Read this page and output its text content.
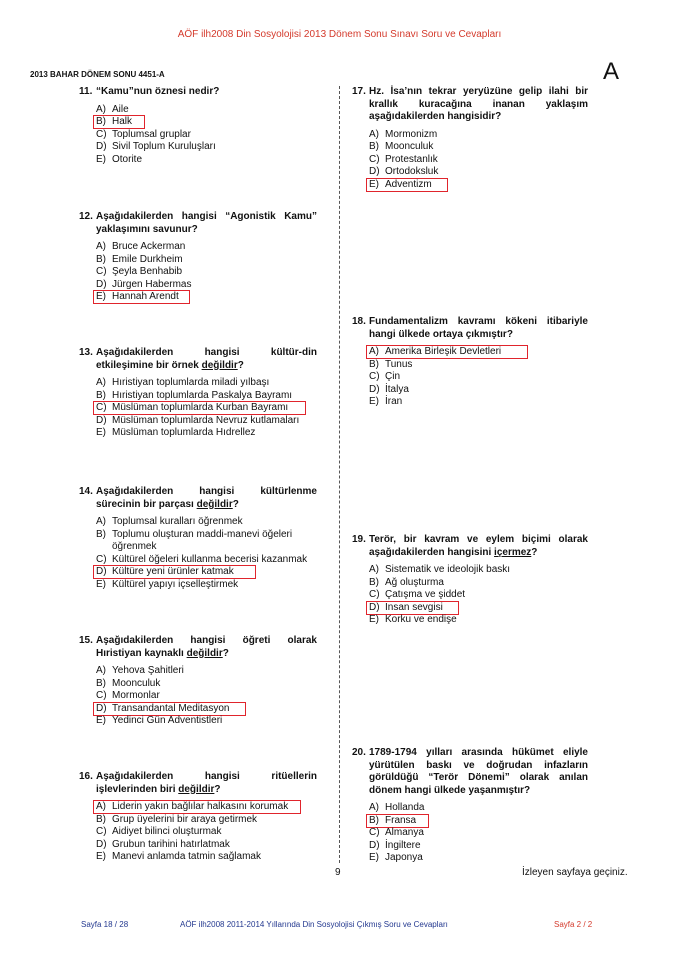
AÖF ilh2008 Din Sosyolojisi 2013 Dönem Sonu Sınavı Soru ve Cevapları
2013 BAHAR DÖNEM SONU 4451-A	A
11. “Kamu”nun öznesi nedir?
A) Aile
B) Halk
C) Toplumsal gruplar
D) Sivil Toplum Kuruluşları
E) Otorite
12. Aşağıdakilerden hangisi “Agonistik Kamu” yaklaşımını savunur?
A) Bruce Ackerman
B) Emile Durkheim
C) Şeyla Benhabib
D) Jürgen Habermas
E) Hannah Arendt
13. Aşağıdakilerden hangisi kültür-din etkileşimine bir örnek değildir?
A) Hıristiyan toplumlarda miladi yılbaşı
B) Hıristiyan toplumlarda Paskalya Bayramı
C) Müslüman toplumlarda Kurban Bayramı
D) Müslüman toplumlarda Nevruz kutlamaları
E) Müslüman toplumlarda Hıdrellez
14. Aşağıdakilerden hangisi kültürlenme sürecinin bir parçası değildir?
A) Toplumsal kuralları öğrenmek
B) Toplumu oluşturan maddi-manevi öğeleri öğrenmek
C) Kültürel öğeleri kullanma becerisi kazanmak
D) Kültüre yeni ürünler katmak
E) Kültürel yapıyı içselleştirmek
15. Aşağıdakilerden hangisi öğreti olarak Hıristiyan kaynaklı değildir?
A) Yehova Şahitleri
B) Moonculuk
C) Mormonlar
D) Transandantal Meditasyon
E) Yedinci Gün Adventistleri
16. Aşağıdakilerden hangisi ritüellerin işlevlerinden biri değildir?
A) Liderin yakın bağlılar halkasını korumak
B) Grup üyelerini bir araya getirmek
C) Aidiyet bilinci oluşturmak
D) Grubun tarihini hatırlatmak
E) Manevi anlamda tatmin sağlamak
17. Hz. İsa’nın tekrar yeryüzüne gelip ilahi bir krallık kuracağına inanan yaklaşım aşağıdakilerden hangisidir?
A) Mormonizm
B) Moonculuk
C) Protestanlık
D) Ortodoksluk
E) Adventizm
18. Fundamentalizm kavramı kökeni itibariyle hangi ülkede ortaya çıkmıştır?
A) Amerika Birleşik Devletleri
B) Tunus
C) Çin
D) İtalya
E) İran
19. Terör, bir kavram ve eylem biçimi olarak aşağıdakilerden hangisini içermez?
A) Sistematik ve ideolojik baskı
B) Ağ oluşturma
C) Çatışma ve şiddet
D) İnsan sevgisi
E) Korku ve endişe
20. 1789-1794 yılları arasında hükümet eliyle yürütülen baskı ve doğrudan infazların görüldüğü “Terör Dönemi” olarak anılan dönem hangi ülkede yaşanmıştır?
A) Hollanda
B) Fransa
C) Almanya
D) İngiltere
E) Japonya
9	İzleyen sayfaya geçiniz.
Sayfa 18 / 28	AÖF ilh2008 2011-2014 Yıllarında Din Sosyolojisi Çıkmış Soru ve Cevapları	Sayfa 2 / 2
